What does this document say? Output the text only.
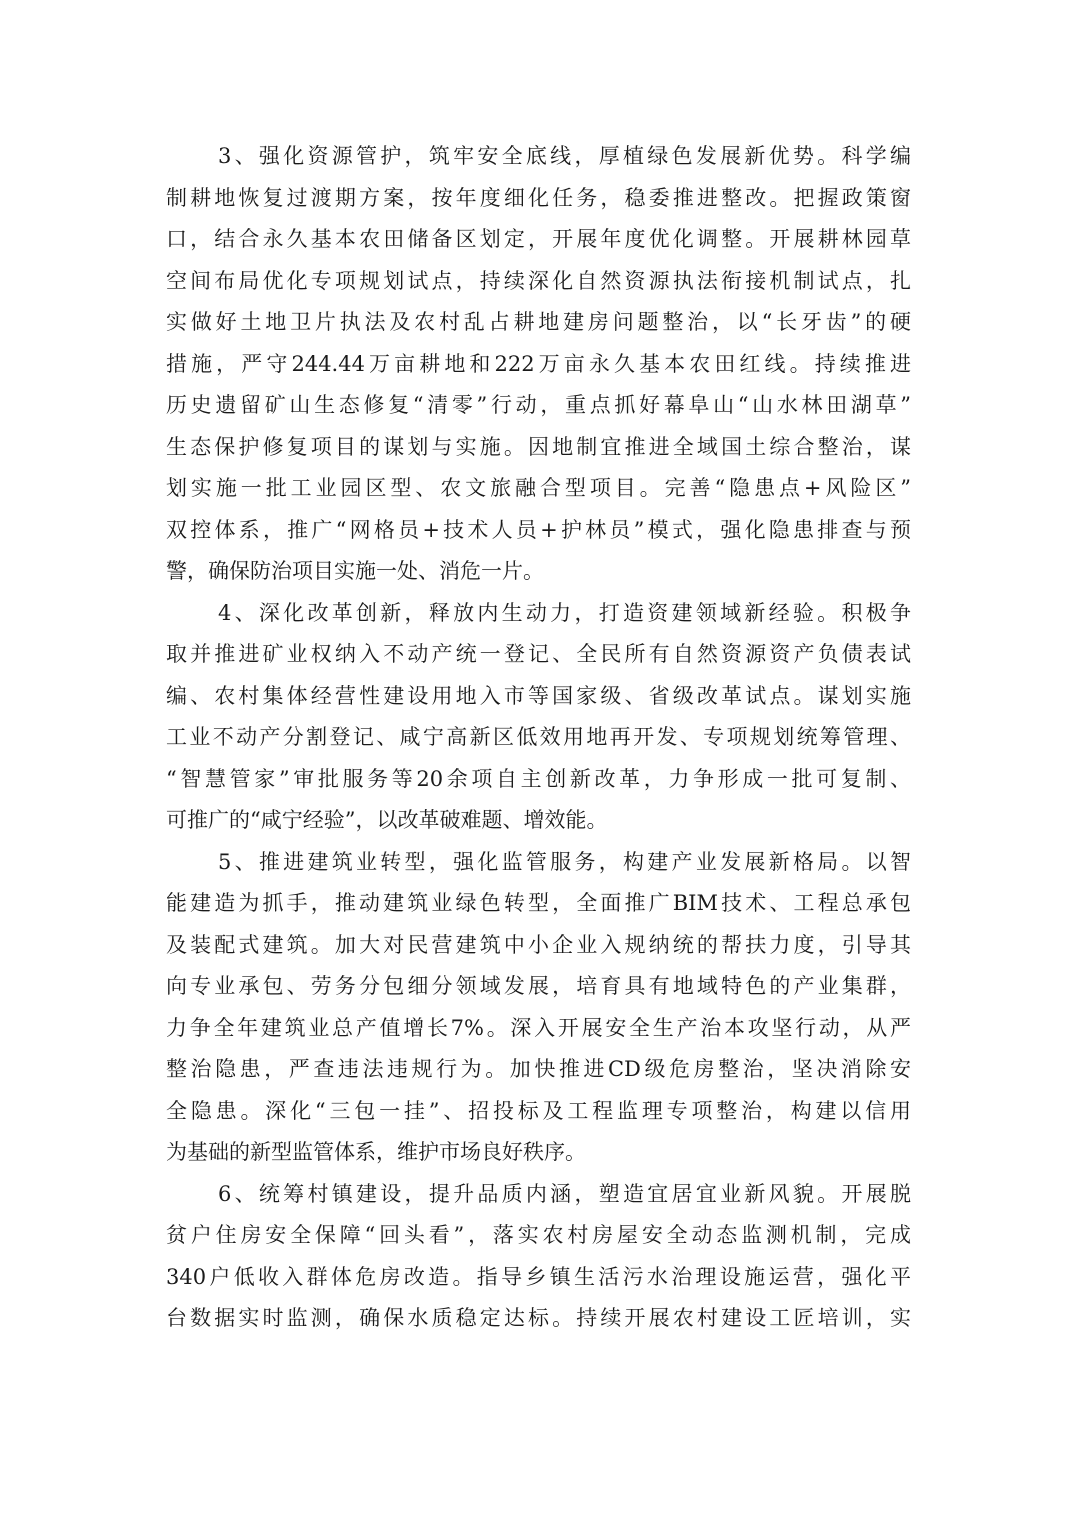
3、强化资源管护，筑牢安全底线，厚植绿色发展新优势。科学编
制耕地恢复过渡期方案，按年度细化任务，稳委推进整改。把握政策窗
口，结合永久基本农田储备区划定，开展年度优化调整。开展耕林园草
空间布局优化专项规划试点，持续深化自然资源执法衔接机制试点，扎
实做好土地卫片执法及农村乱占耕地建房问题整治，以“长牙齿”的硬
措施，严守244.44万亩耕地和222万亩永久基本农田红线。持续推进
历史遗留矿山生态修复“清零”行动，重点抓好幕阜山“山水林田湖草”
生态保护修复项目的谋划与实施。因地制宜推进全域国土综合整治，谋
划实施一批工业园区型、农文旅融合型项目。完善“隐患点+风险区”
双控体系，推广“网格员+技术人员+护林员”模式，强化隐患排查与预
警，确保防治项目实施一处、消危一片。
4、深化改革创新，释放内生动力，打造资建领域新经验。积极争
取并推进矿业权纳入不动产统一登记、全民所有自然资源资产负债表试
编、农村集体经营性建设用地入市等国家级、省级改革试点。谋划实施
工业不动产分割登记、咸宁高新区低效用地再开发、专项规划统筹管理、
“智慧管家”审批服务等20余项自主创新改革，力争形成一批可复制、
可推广的“咸宁经验”，以改革破难题、增效能。
5、推进建筑业转型，强化监管服务，构建产业发展新格局。以智
能建造为抓手，推动建筑业绿色转型，全面推广BIM技术、工程总承包
及装配式建筑。加大对民营建筑中小企业入规纳统的帮扶力度，引导其
向专业承包、劳务分包细分领域发展，培育具有地域特色的产业集群，
力争全年建筑业总产值增长7%。深入开展安全生产治本攻坚行动，从严
整治隐患，严查违法违规行为。加快推进CD级危房整治，坚决消除安
全隐患。深化“三包一挂”、招投标及工程监理专项整治，构建以信用
为基础的新型监管体系，维护市场良好秩序。
6、统筹村镇建设，提升品质内涵，塑造宜居宜业新风貌。开展脱
贫户住房安全保障“回头看”，落实农村房屋安全动态监测机制，完成
340户低收入群体危房改造。指导乡镇生活污水治理设施运营，强化平
台数据实时监测，确保水质稳定达标。持续开展农村建设工匠培训，实
